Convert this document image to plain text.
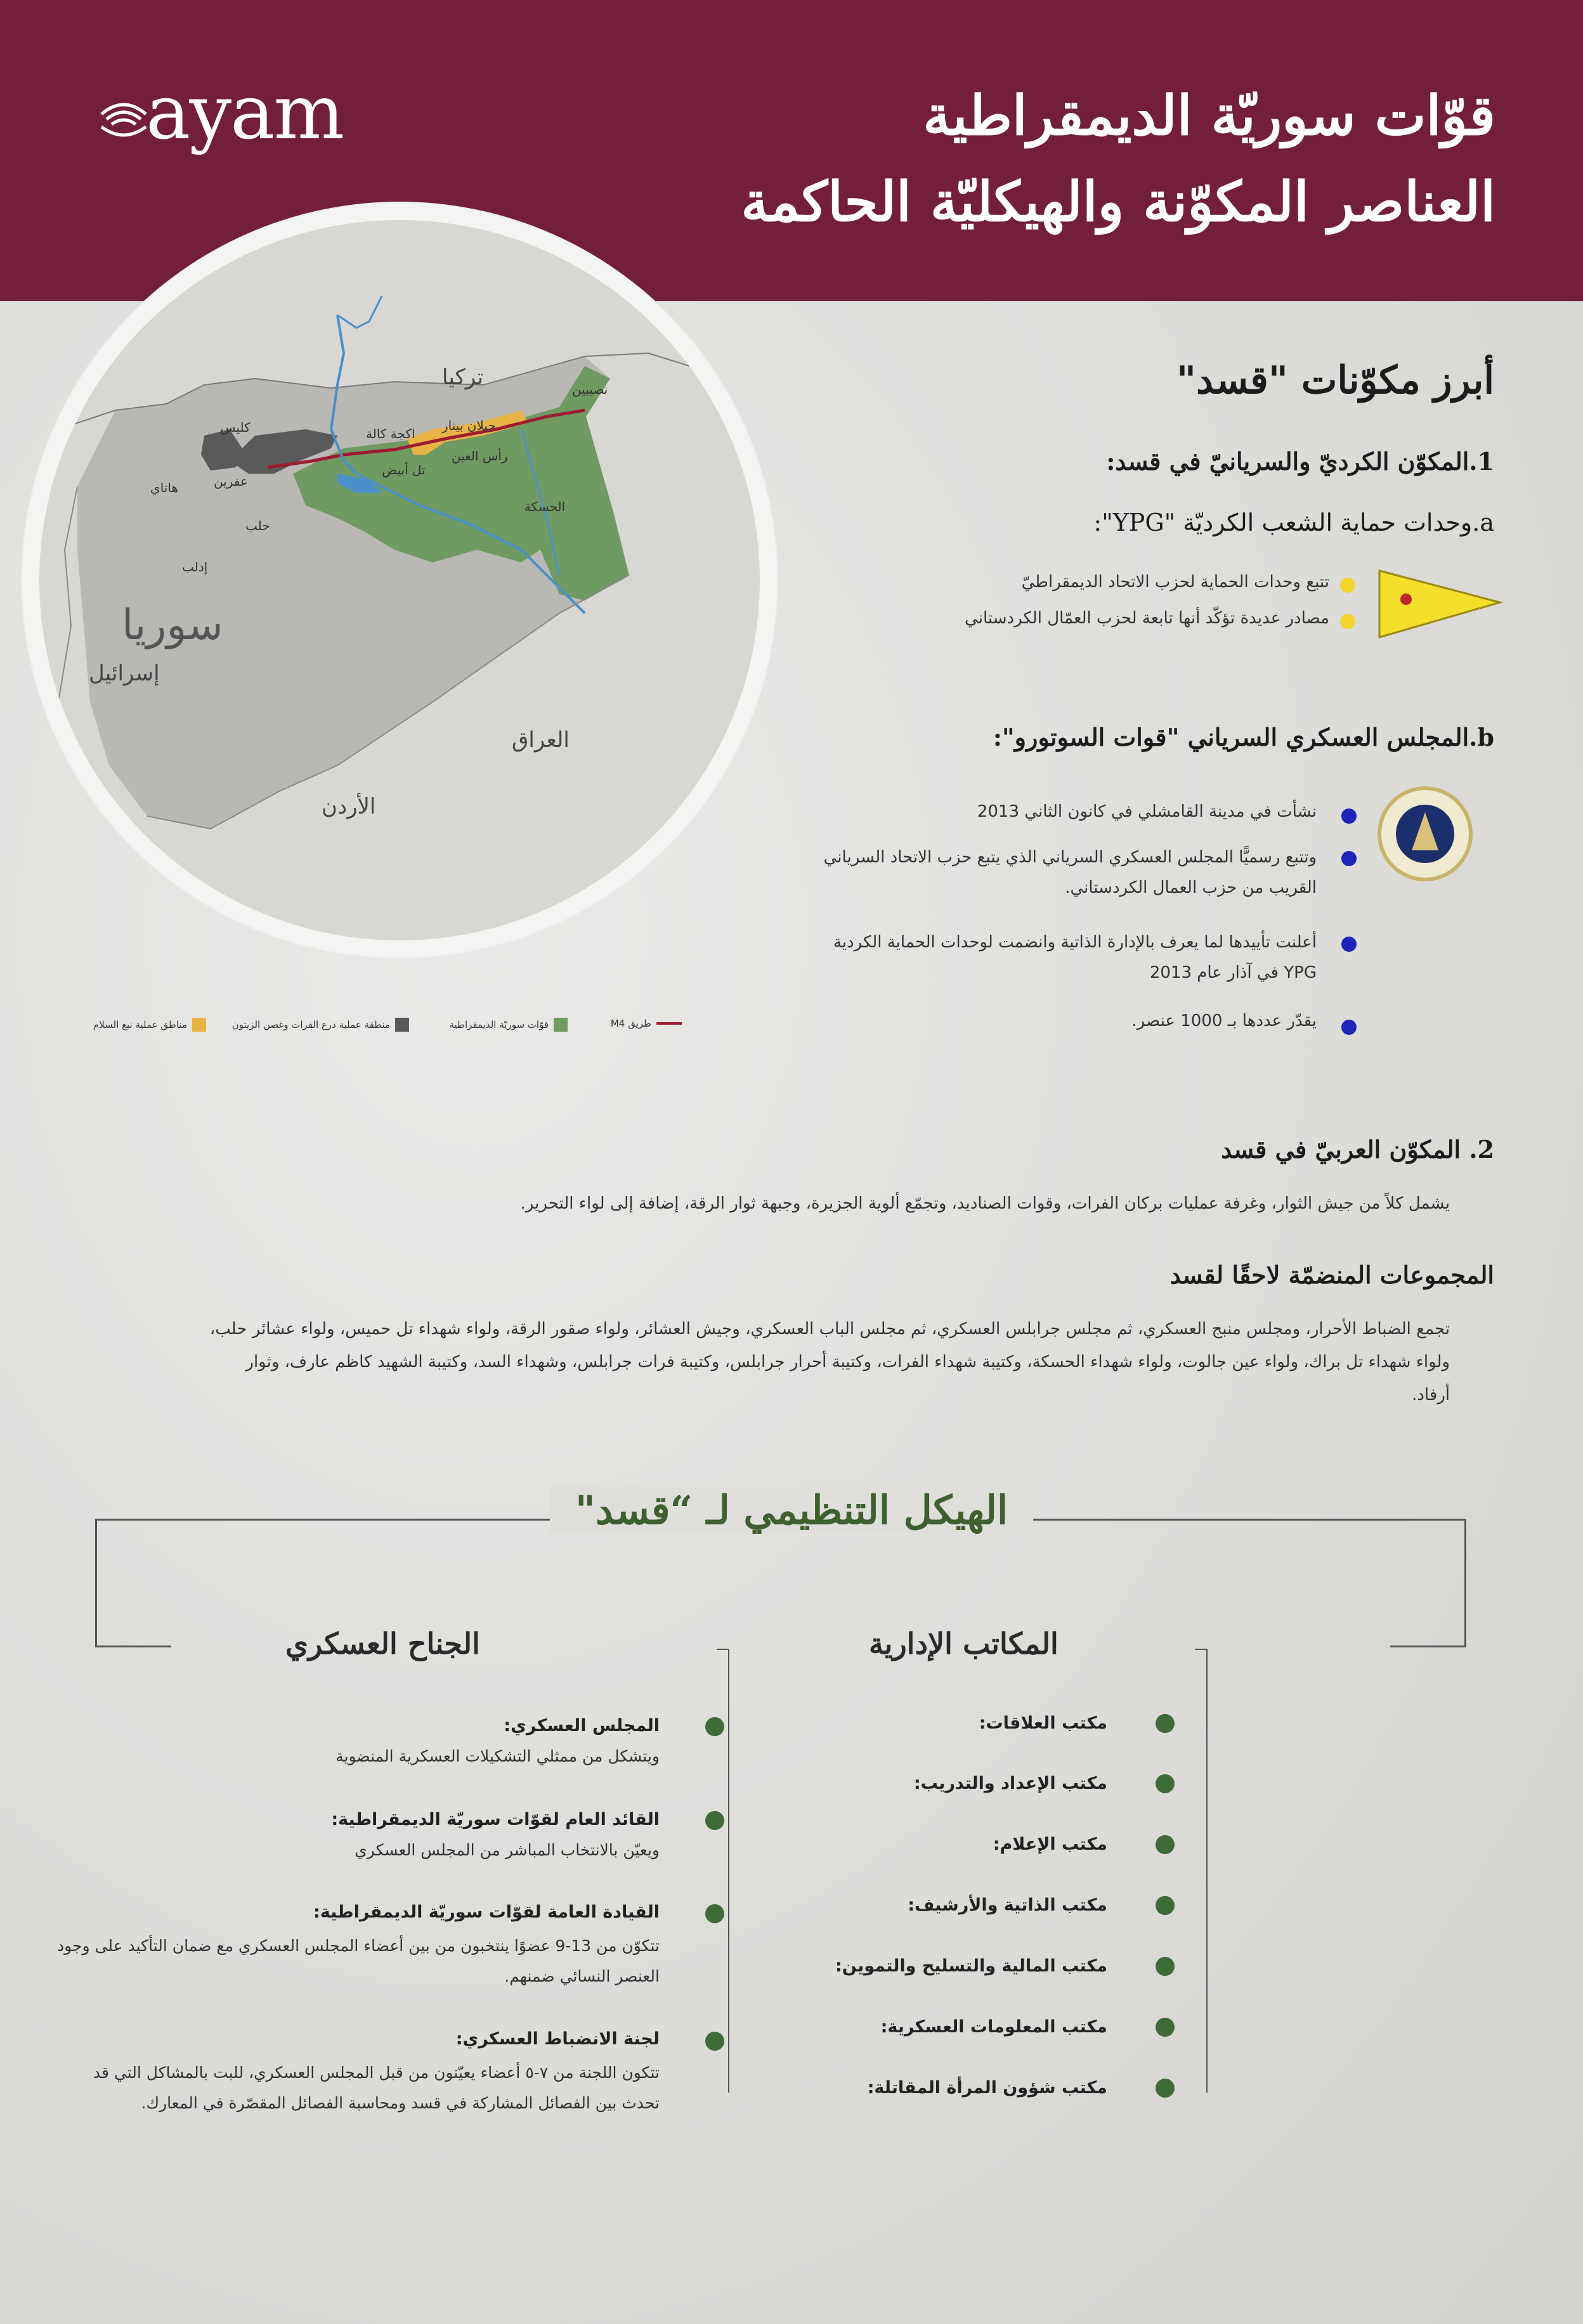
ayam	قوّات سوريّة الديمقراطية
العناصر المكوّنة والهيكليّة الحاكمة
سوريا
تركيا
العراق
الأردن
إسرائيل
كليس
هاتاي	عفرين
حلب
إدلب
اكجة كالة
جيلان بينار
نصيبين
رأس العين
تل أبيض
الحسكة
طريق M4
قوّات سوريّة الديمقراطية
منطقة عملية درع الفرات وغصن الزيتون
مناطق عملية نبع السلام
أبرز مكوّنات "قسد"
1.المكوّن الكرديّ والسريانيّ في قسد:
a.وحدات حماية الشعب الكرديّة "YPG":
تتبع وحدات الحماية لحزب الاتحاد الديمقراطيّ
مصادر عديدة تؤكّد أنها تابعة لحزب العمّال الكردستاني
b.المجلس العسكري السرياني "قوات السوتورو":
نشأت في مدينة القامشلي في كانون الثاني 2013
وتتبع رسميًّا المجلس العسكري السرياني الذي يتبع حزب الاتحاد السرياني القريب من حزب العمال الكردستاني.
أعلنت تأييدها لما يعرف بالإدارة الذاتية وانضمت لوحدات الحماية الكردية YPG في آذار عام 2013
يقدّر عددها بـ 1000 عنصر.
2. المكوّن العربيّ في قسد
يشمل كلاً من جيش الثوار، وغرفة عمليات بركان الفرات، وقوات الصناديد، وتجمّع ألوية الجزيرة، وجبهة ثوار الرقة، إضافة إلى لواء التحرير.
المجموعات المنضمّة لاحقًا لقسد
تجمع الضباط الأحرار، ومجلس منبج العسكري، ثم مجلس جرابلس العسكري، ثم مجلس الباب العسكري، وجيش العشائر، ولواء صقور الرقة، ولواء شهداء تل حميس، ولواء عشائر حلب، ولواء شهداء تل براك، ولواء عين جالوت، ولواء شهداء الحسكة، وكتيبة شهداء الفرات، وكتيبة أحرار جرابلس، وكتيبة فرات جرابلس، وشهداء السد، وكتيبة الشهيد كاظم عارف، وثوار أرفاد.
الهيكل التنظيمي لـ “قسد"
المكاتب الإدارية
الجناح العسكري
مكتب العلاقات:
مكتب الإعداد والتدريب:
مكتب الإعلام:
مكتب الذاتية والأرشيف:
مكتب المالية والتسليح والتموين:
مكتب المعلومات العسكرية:
مكتب شؤون المرأة المقاتلة:
المجلس العسكري:
ويتشكل من ممثلي التشكيلات العسكرية المنضوية
القائد العام لقوّات سوريّة الديمقراطية:
ويعيّن بالانتخاب المباشر من المجلس العسكري
القيادة العامة لقوّات سوريّة الديمقراطية:
تتكوّن من 13-9 عضوًا ينتخبون من بين أعضاء المجلس العسكري مع ضمان التأكيد على وجود العنصر النسائي ضمنهم.
لجنة الانضباط العسكري:
تتكون اللجنة من ٧-٥ أعضاء يعيّنون من قبل المجلس العسكري، للبت بالمشاكل التي قد تحدث بين الفصائل المشاركة في قسد ومحاسبة الفصائل المقصّرة في المعارك.
